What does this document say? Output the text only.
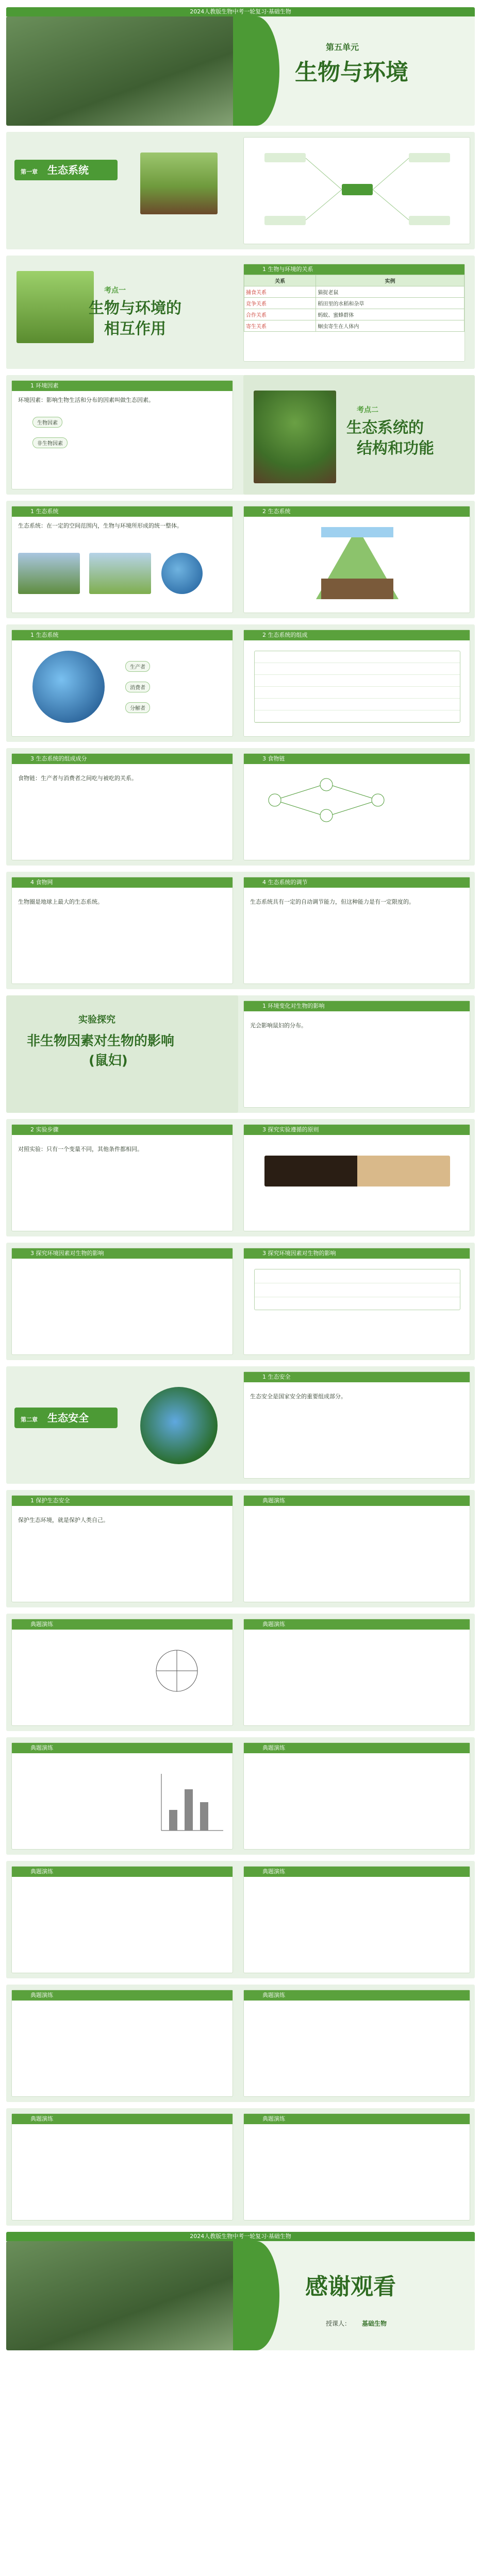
2024人教版生物中考一轮复习·基础生物
第五单元
生物与环境
第一章 生态系统
考点一
生物与环境的
相互作用
1 生物与环境的关系
关系	实例
捕食关系	猫捉老鼠
竞争关系	稻田里的水稻和杂草
合作关系	蚂蚁、蜜蜂群体
寄生关系	蛔虫寄生在人体内
1 环境因素
环境因素：影响生物生活和分布的因素叫做生态因素。
生物因素
非生物因素
考点二
生态系统的
结构和功能
1 生态系统
生态系统：在一定的空间范围内，生物与环境所形成的统一整体。
2 生态系统
1 生态系统
生产者
消费者
分解者
2 生态系统的组成
3 生态系统的组成成分
食物链：生产者与消费者之间吃与被吃的关系。
3 食物链
4 食物网
生物圈是地球上最大的生态系统。
4 生态系统的调节
生态系统具有一定的自动调节能力，但这种能力是有一定限度的。
实验探究
非生物因素对生物的影响
(鼠妇)
1 环境变化对生物的影响
光会影响鼠妇的分布。
2 实验步骤
对照实验：只有一个变量不同，其他条件都相同。
3 探究实验遵循的原则
3 探究环境因素对生物的影响	3 探究环境因素对生物的影响
第二章 生态安全
1 生态安全
生态安全是国家安全的重要组成部分。
1 保护生态安全
保护生态环境，就是保护人类自己。
典题演练
典题演练	典题演练
典题演练	典题演练
典题演练	典题演练
典题演练	典题演练
典题演练	典题演练
2024人教版生物中考一轮复习·基础生物
感谢观看
授课人： 基础生物
